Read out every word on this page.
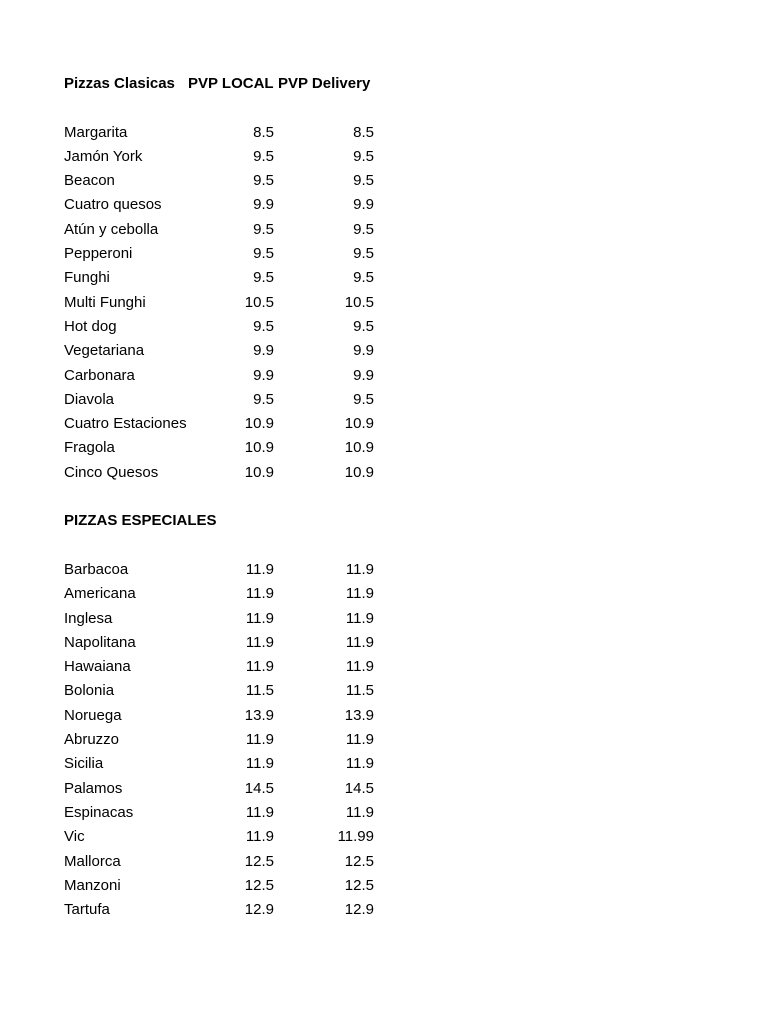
Pizzas Clasicas PVP LOCAL PVP Delivery
Margarita	8.5	8.5
Jamón York	9.5	9.5
Beacon	9.5	9.5
Cuatro quesos	9.9	9.9
Atún y cebolla	9.5	9.5
Pepperoni	9.5	9.5
Funghi	9.5	9.5
Multi Funghi	10.5	10.5
Hot dog	9.5	9.5
Vegetariana	9.9	9.9
Carbonara	9.9	9.9
Diavola	9.5	9.5
Cuatro Estaciones	10.9	10.9
Fragola	10.9	10.9
Cinco Quesos	10.9	10.9
PIZZAS ESPECIALES
Barbacoa	11.9	11.9
Americana	11.9	11.9
Inglesa	11.9	11.9
Napolitana	11.9	11.9
Hawaiana	11.9	11.9
Bolonia	11.5	11.5
Noruega	13.9	13.9
Abruzzo	11.9	11.9
Sicilia	11.9	11.9
Palamos	14.5	14.5
Espinacas	11.9	11.9
Vic	11.9	11.99
Mallorca	12.5	12.5
Manzoni	12.5	12.5
Tartufa	12.9	12.9
